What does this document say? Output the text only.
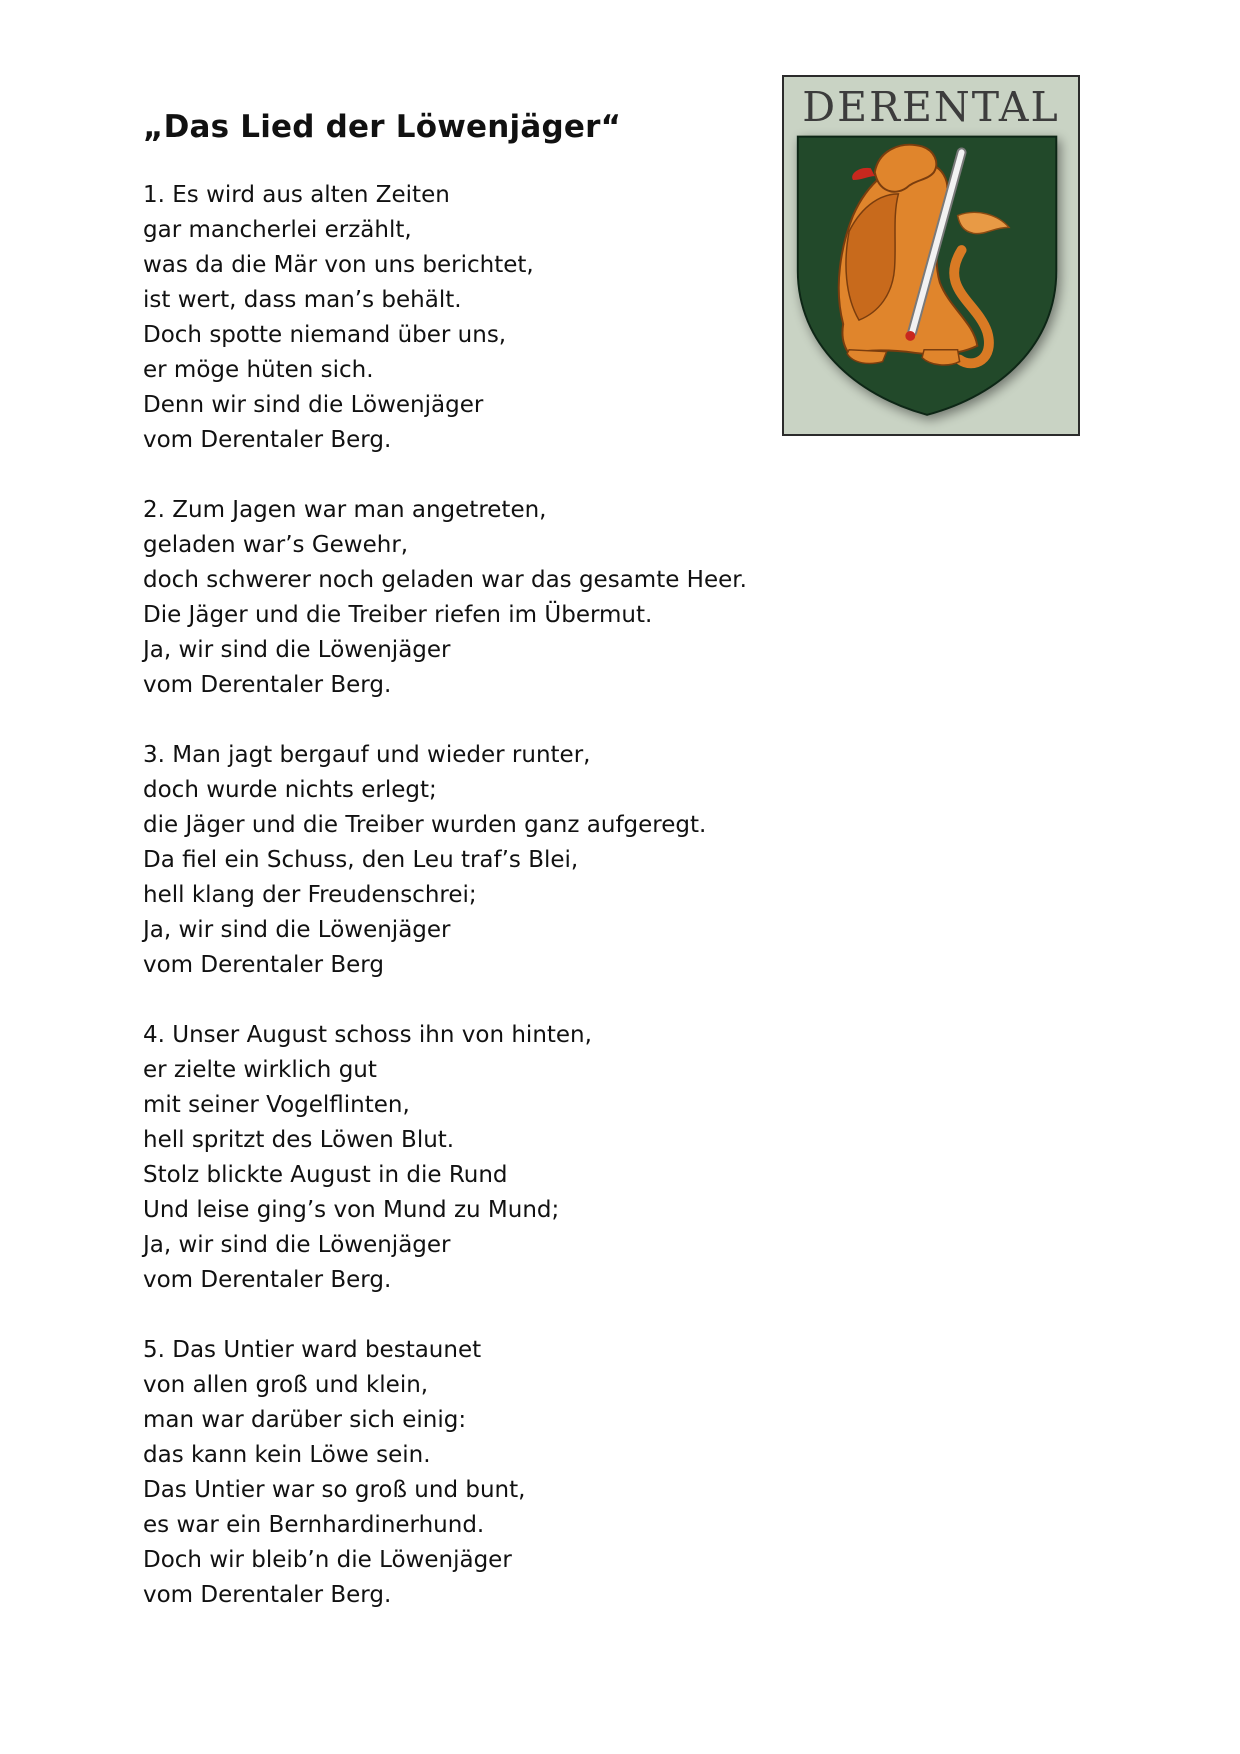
„Das Lied der Löwenjäger“
1. Es wird aus alten Zeiten
gar mancherlei erzählt,
was da die Mär von uns berichtet,
ist wert, dass man’s behält.
Doch spotte niemand über uns,
er möge hüten sich.
Denn wir sind die Löwenjäger
vom Derentaler Berg.
2. Zum Jagen war man angetreten,
geladen war’s Gewehr,
doch schwerer noch geladen war das gesamte Heer.
Die Jäger und die Treiber riefen im Übermut.
Ja, wir sind die Löwenjäger
vom Derentaler Berg.
3. Man jagt bergauf und wieder runter,
doch wurde nichts erlegt;
die Jäger und die Treiber wurden ganz aufgeregt.
Da fiel ein Schuss, den Leu traf’s Blei,
hell klang der Freudenschrei;
Ja, wir sind die Löwenjäger
vom Derentaler Berg
4. Unser August schoss ihn von hinten,
er zielte wirklich gut
mit seiner Vogelflinten,
hell spritzt des Löwen Blut.
Stolz blickte August in die Rund
Und leise ging’s von Mund zu Mund;
Ja, wir sind die Löwenjäger
vom Derentaler Berg.
5. Das Untier ward bestaunet
von allen groß und klein,
man war darüber sich einig:
das kann kein Löwe sein.
Das Untier war so groß und bunt,
es war ein Bernhardinerhund.
Doch wir bleib’n die Löwenjäger
vom Derentaler Berg.
DERENTAL
